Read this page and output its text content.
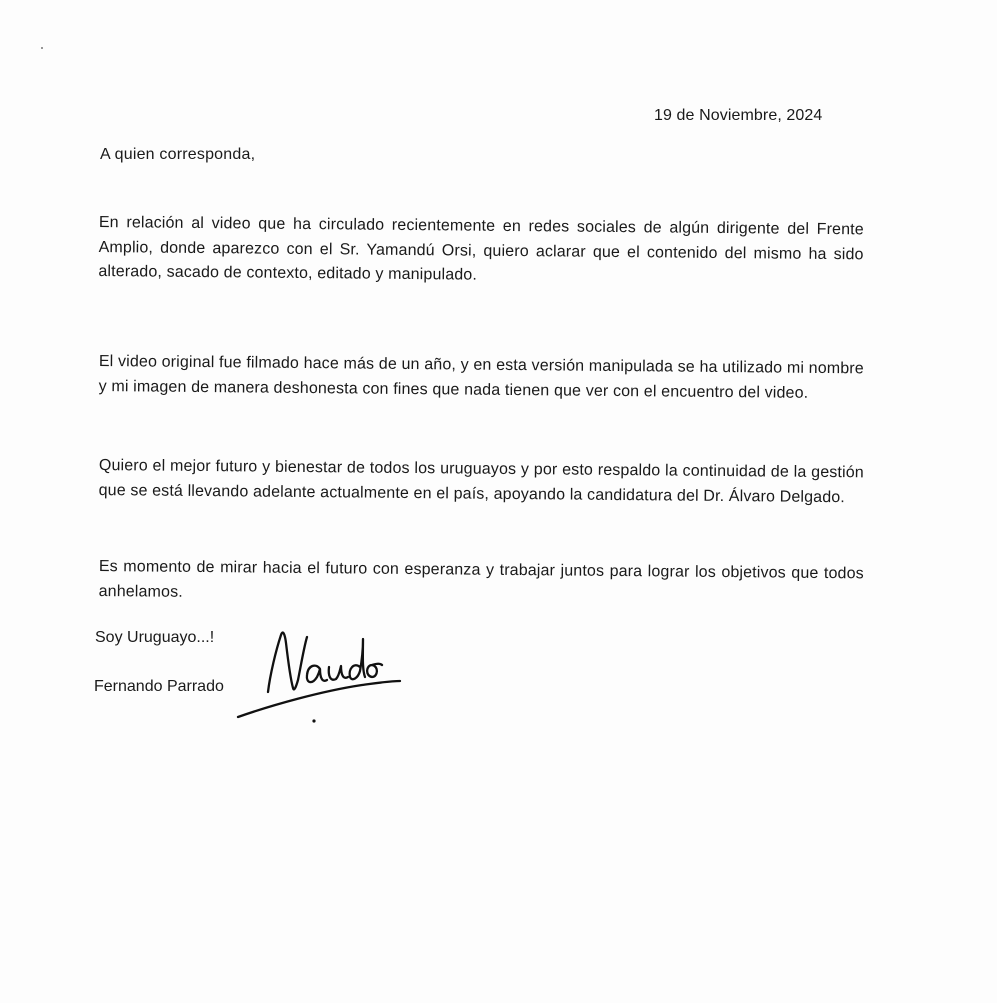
19 de Noviembre, 2024
A quien corresponda,
En relación al video que ha circulado recientemente en redes sociales de algún dirigente del Frente Amplio, donde aparezco con el Sr. Yamandú Orsi, quiero aclarar que el contenido del mismo ha sido alterado, sacado de contexto, editado y manipulado.
El video original fue filmado hace más de un año, y en esta versión manipulada se ha utilizado mi nombre y mi imagen de manera deshonesta con fines que nada tienen que ver con el encuentro del video.
Quiero el mejor futuro y bienestar de todos los uruguayos y por esto respaldo la continuidad de la gestión que se está llevando adelante actualmente en el país, apoyando la candidatura del Dr. Álvaro Delgado.
Es momento de mirar hacia el futuro con esperanza y trabajar juntos para lograr los objetivos que todos anhelamos.
Soy Uruguayo...!
Fernando Parrado
